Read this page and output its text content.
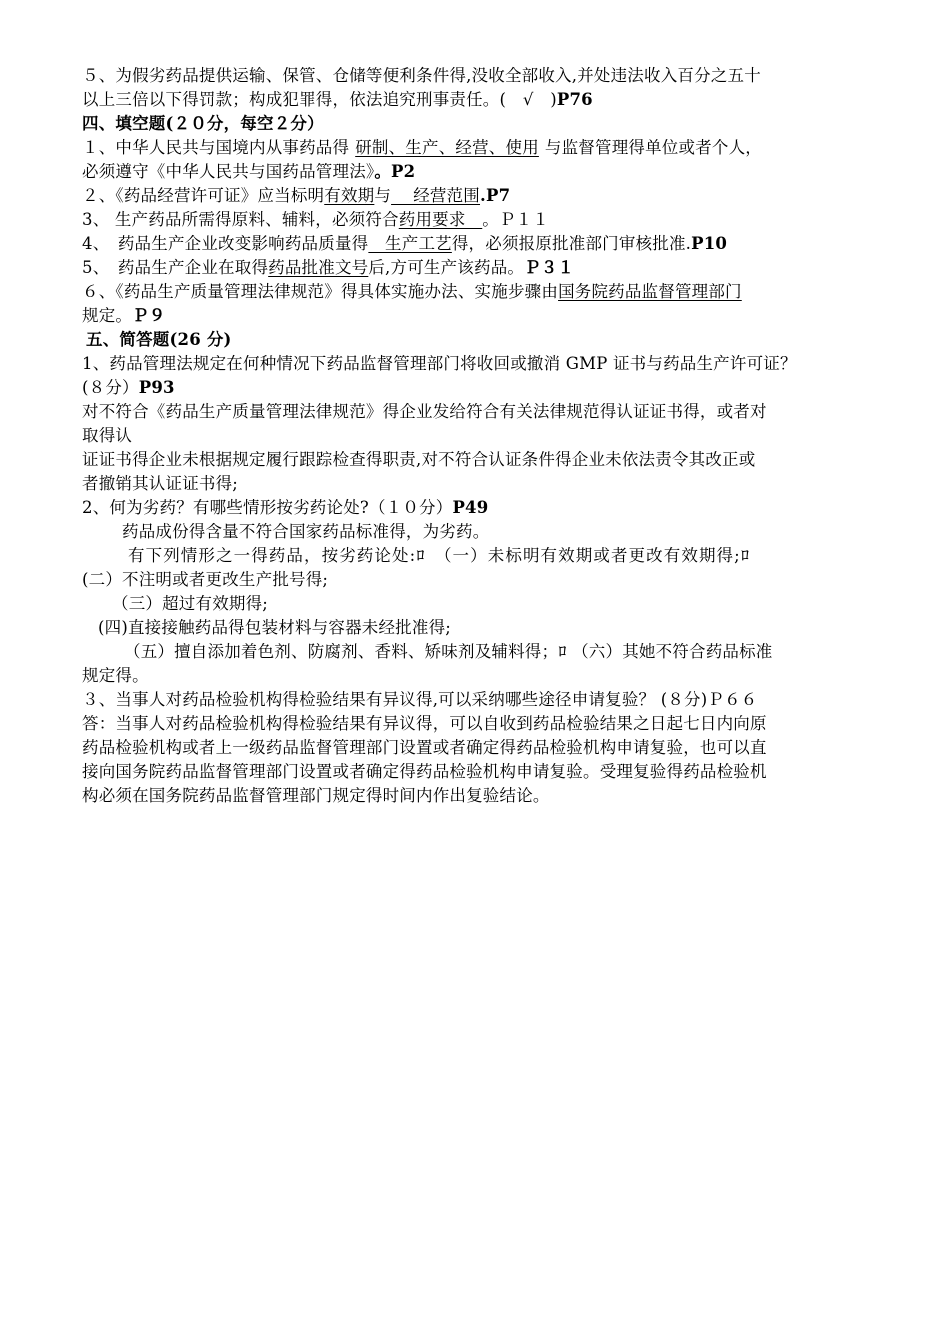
５、为假劣药品提供运输、保管、仓储等便利条件得,没收全部收入,并处违法收入百分之五十
以上三倍以下得罚款；构成犯罪得，依法追究刑事责任。(　√　)P76
四、填空题(２０分，每空２分）
１、中华人民共与国境内从事药品得 研制、生产、经营、使用 与监督管理得单位或者个人，
必须遵守《中华人民共与国药品管理法》。P2
２、《药品经营许可证》应当标明有效期与　 经营范围.P7
3、 生产药品所需得原料、辅料，必须符合药用要求　。Ｐ１１
4、　药品生产企业改变影响药品质量得　生产工艺得，必须报原批准部门审核批准.P10
5、　药品生产企业在取得药品批准文号后,方可生产该药品。Ｐ３１
６、《药品生产质量管理法律规范》得具体实施办法、实施步骤由国务院药品监督管理部门
规定。Ｐ９
五、简答题(26 分)
1、药品管理法规定在何种情况下药品监督管理部门将收回或撤消 GMP 证书与药品生产许可证？
(８分）P93
对不符合《药品生产质量管理法律规范》得企业发给符合有关法律规范得认证证书得，或者对
取得认
证证书得企业未根据规定履行跟踪检查得职责,对不符合认证条件得企业未依法责令其改正或
者撤销其认证证书得;
2、何为劣药？有哪些情形按劣药论处?（１０分）P49
药品成份得含量不符合国家药品标准得，为劣药。
有下列情形之一得药品，按劣药论处:ﾛ　（一）未标明有效期或者更改有效期得;ﾛ
(二）不注明或者更改生产批号得;
（三）超过有效期得;
(四)直接接触药品得包装材料与容器未经批准得;
（五）擅自添加着色剂、防腐剂、香料、矫味剂及辅料得；ﾛ （六）其她不符合药品标准
规定得。
３、当事人对药品检验机构得检验结果有异议得,可以采纳哪些途径申请复验？ (８分)Ｐ６６
答：当事人对药品检验机构得检验结果有异议得，可以自收到药品检验结果之日起七日内向原
药品检验机构或者上一级药品监督管理部门设置或者确定得药品检验机构申请复验，也可以直
接向国务院药品监督管理部门设置或者确定得药品检验机构申请复验。受理复验得药品检验机
构必须在国务院药品监督管理部门规定得时间内作出复验结论。
